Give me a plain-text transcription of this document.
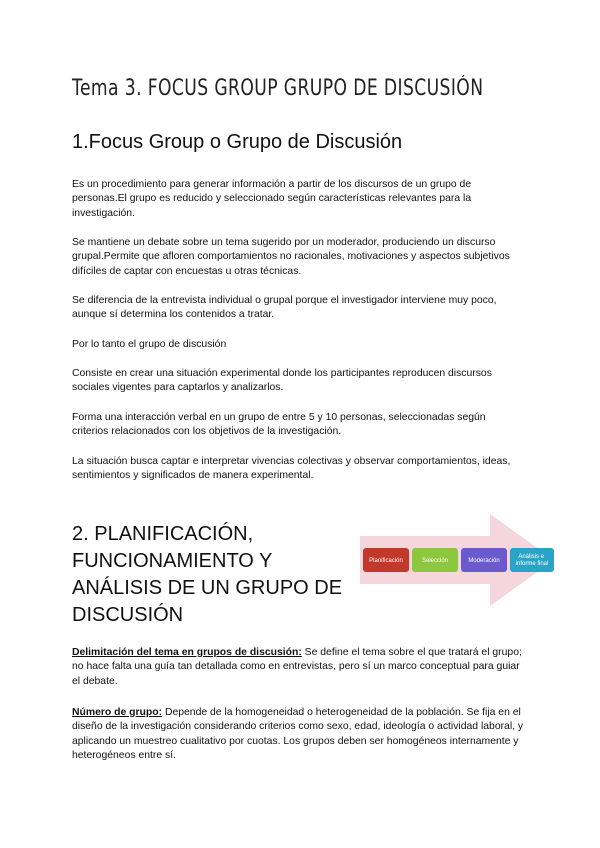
Tema 3. FOCUS GROUP GRUPO DE DISCUSIÓN
1.Focus Group o Grupo de Discusión
Es un procedimiento para generar información a partir de los discursos de un grupo de personas.El grupo es reducido y seleccionado según características relevantes para la investigación.
Se mantiene un debate sobre un tema sugerido por un moderador, produciendo un discurso grupal.Permite que afloren comportamientos no racionales, motivaciones y aspectos subjetivos difíciles de captar con encuestas u otras técnicas.
Se diferencia de la entrevista individual o grupal porque el investigador interviene muy poco, aunque sí determina los contenidos a tratar.
Por lo tanto el grupo de discusión
Consiste en crear una situación experimental donde los participantes reproducen discursos sociales vigentes para captarlos y analizarlos.
Forma una interacción verbal en un grupo de entre 5 y 10 personas, seleccionadas según criterios relacionados con los objetivos de la investigación.
La situación busca captar e interpretar vivencias colectivas y observar comportamientos, ideas, sentimientos y significados de manera experimental.
2. PLANIFICACIÓN,
FUNCIONAMIENTO Y
ANÁLISIS DE UN GRUPO DE
DISCUSIÓN
Planificación	Selección	Moderación
Análisis e informe final
Delimitación del tema en grupos de discusión: Se define el tema sobre el que tratará el grupo; no hace falta una guía tan detallada como en entrevistas, pero sí un marco conceptual para guiar el debate.
Número de grupo: Depende de la homogeneidad o heterogeneidad de la población. Se fija en el diseño de la investigación considerando criterios como sexo, edad, ideología o actividad laboral, y aplicando un muestreo cualitativo por cuotas. Los grupos deben ser homogéneos internamente y heterogéneos entre sí.
